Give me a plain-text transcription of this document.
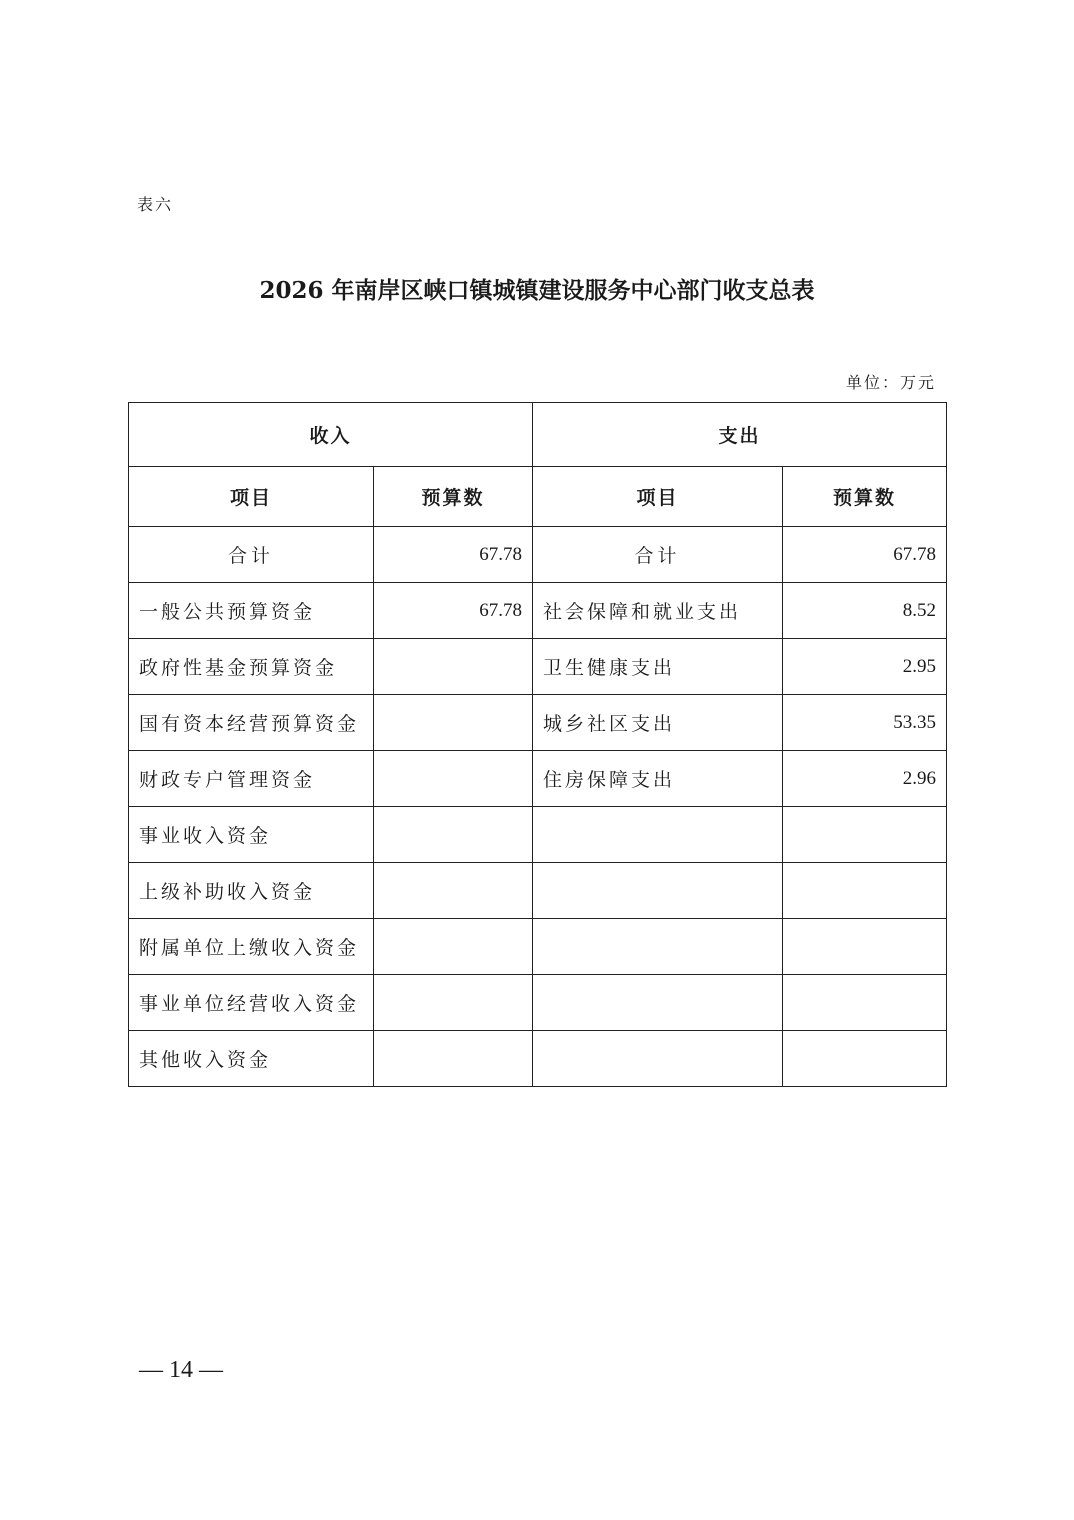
表六
2026 年南岸区峡口镇城镇建设服务中心部门收支总表
单位：万元
收入		支出	
项目	预算数	项目	预算数
合计	67.78	合计	67.78
一般公共预算资金	67.78	社会保障和就业支出	8.52
政府性基金预算资金		卫生健康支出	2.95
国有资本经营预算资金		城乡社区支出	53.35
财政专户管理资金		住房保障支出	2.96
事业收入资金			
上级补助收入资金			
附属单位上缴收入资金			
事业单位经营收入资金			
其他收入资金			
— 14 —
